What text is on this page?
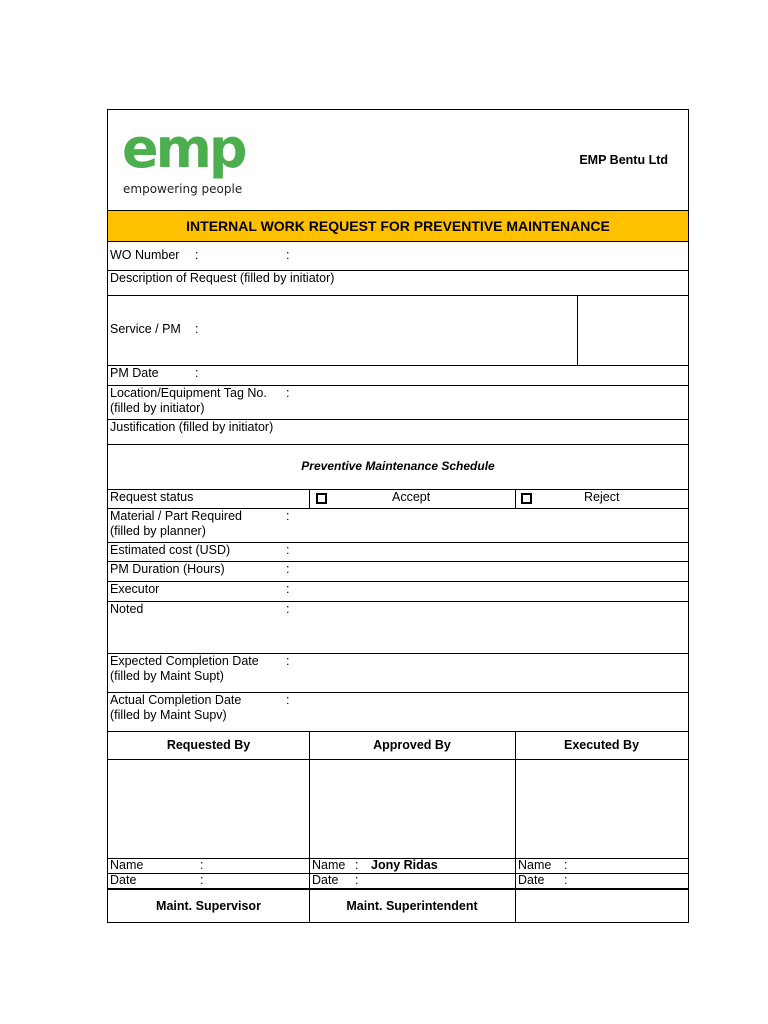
emp
empowering people
EMP Bentu Ltd
INTERNAL WORK REQUEST FOR PREVENTIVE MAINTENANCE
WO Number :	:
Description of Request (filled by initiator)
Service / PM :
PM Date	:
Location/Equipment Tag No.
(filled by initiator)
:
Justification (filled by initiator)
Preventive Maintenance Schedule
Request status	Accept	Reject
Material / Part Required
(filled by planner)
:
Estimated cost (USD)	:
PM Duration (Hours)	:
Executor	:
Noted	:
Expected Completion Date
(filled by Maint Supt)
:
Actual Completion Date
(filled by Maint Supv)
:
Requested By	Approved By	Executed By
Name	:	Name : Jony Ridas	Name :
Date	:	Date :	Date :
Maint. Supervisor	Maint. Superintendent
